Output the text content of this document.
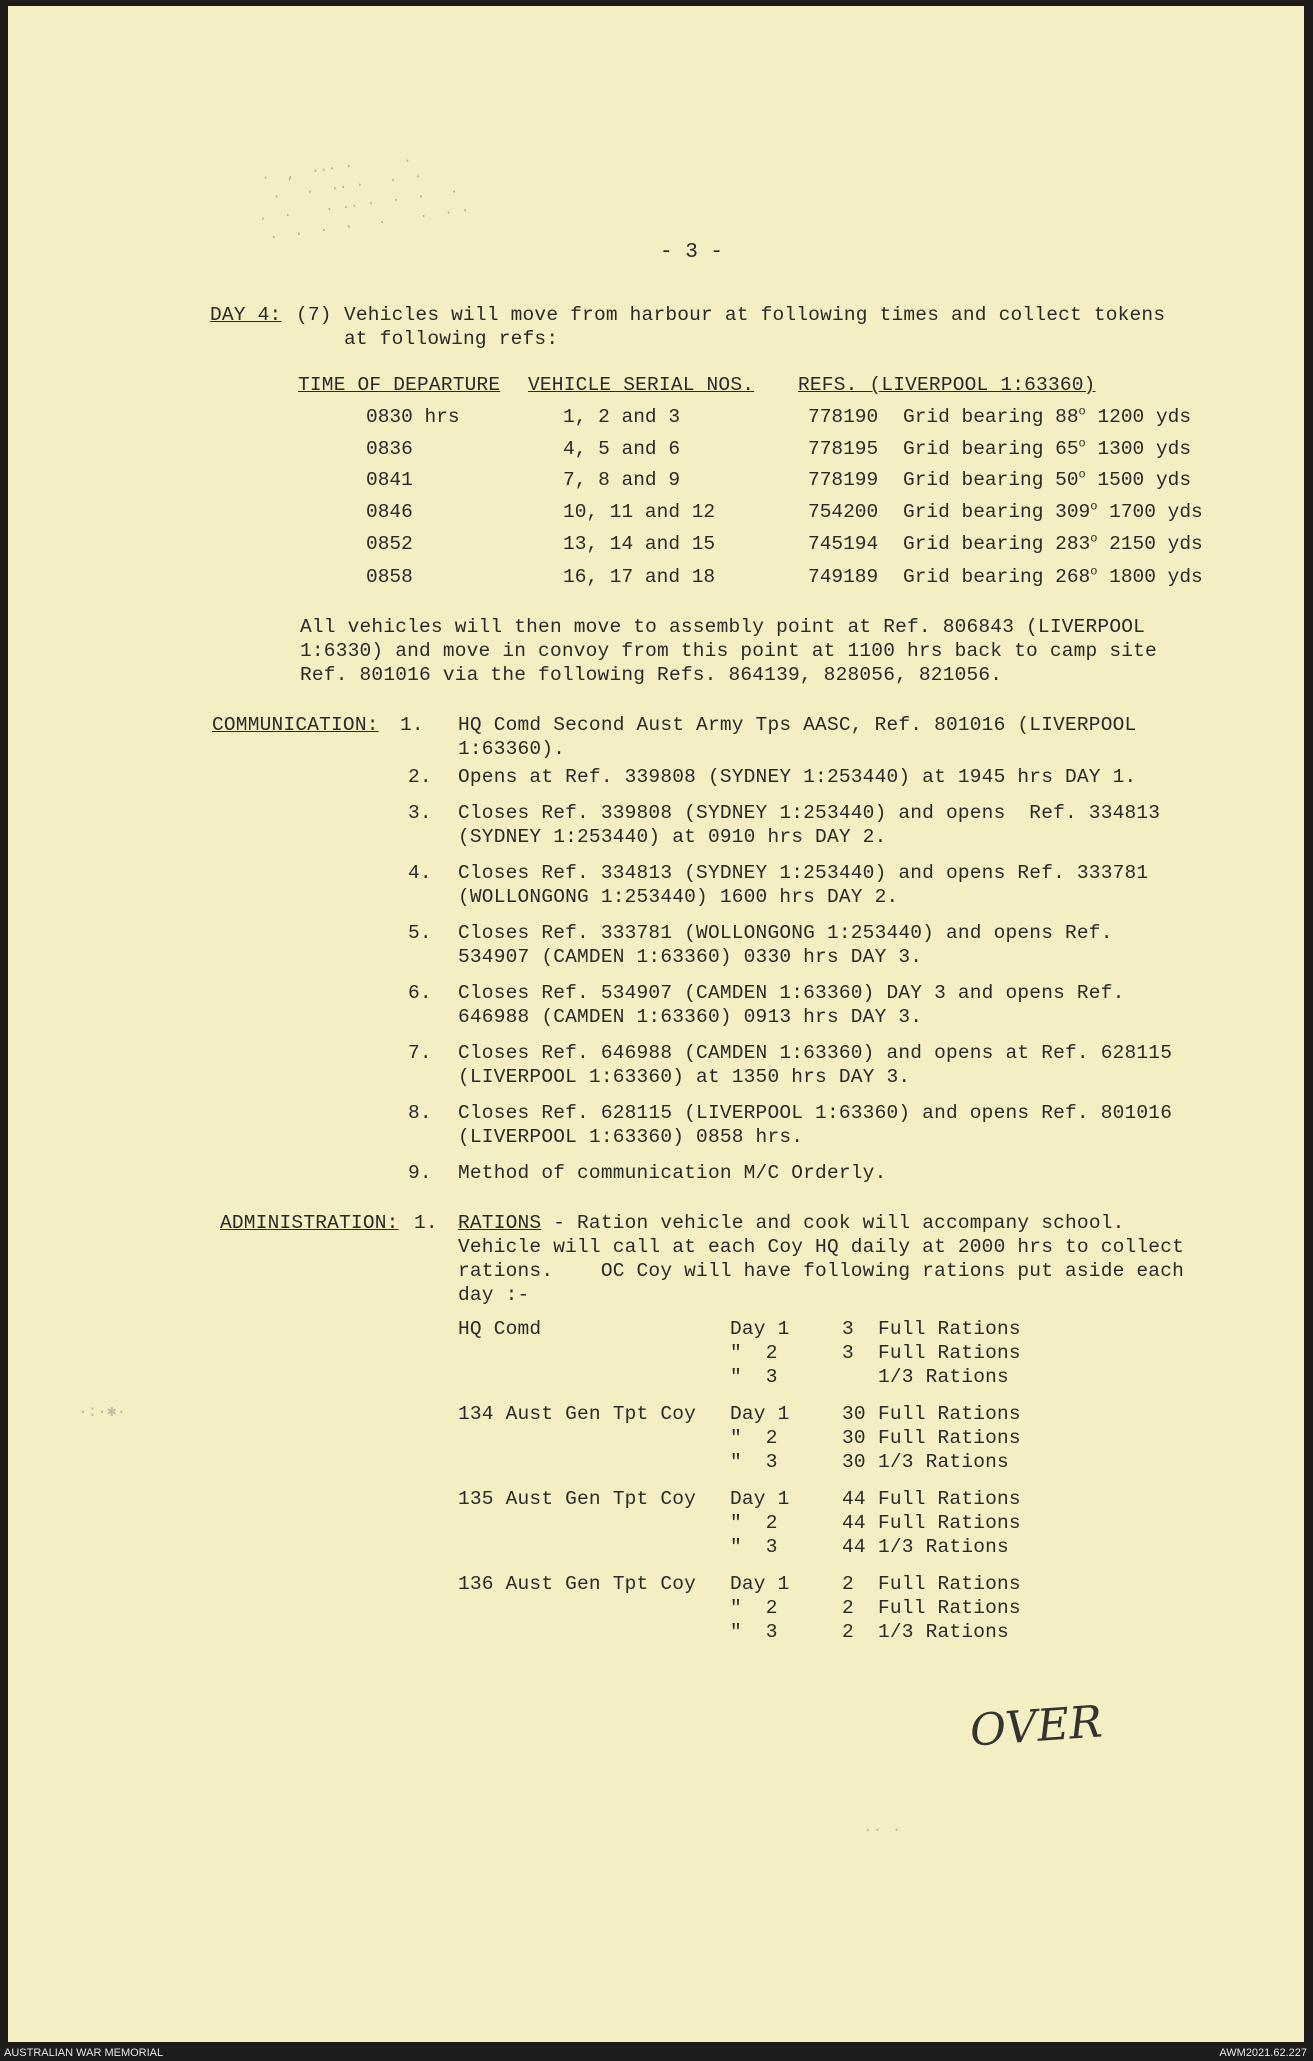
·  ,  ··· ·      .
·   ·  ·· ·   ·  ·
·  ·    · ·· ·  ·  ·   ·
·  ·  ·  ·   ·    ·  · ·
·:·✱·
·· ·
- 3 -
DAY 4: (7) Vehicles will move from harbour at following times and collect tokens
at following refs:
TIME OF DEPARTURE VEHICLE SERIAL NOS. REFS. (LIVERPOOL 1:63360)
0830 hrs	1, 2 and 3	778190 Grid bearing 88$^o$ 1200 yds
0836	4, 5 and 6	778195 Grid bearing 65$^o$ 1300 yds
0841	7, 8 and 9	778199 Grid bearing 50$^o$ 1500 yds
0846	10, 11 and 12	754200 Grid bearing 309$^o$ 1700 yds
0852	13, 14 and 15	745194 Grid bearing 283$^o$ 2150 yds
0858	16, 17 and 18	749189 Grid bearing 268$^o$ 1800 yds
All vehicles will then move to assembly point at Ref. 806843 (LIVERPOOL
1:6330) and move in convoy from this point at 1100 hrs back to camp site
Ref. 801016 via the following Refs. 864139, 828056, 821056.
COMMUNICATION: 1. HQ Comd Second Aust Army Tps AASC, Ref. 801016 (LIVERPOOL
1:63360).
2. Opens at Ref. 339808 (SYDNEY 1:253440) at 1945 hrs DAY 1.
3. Closes Ref. 339808 (SYDNEY 1:253440) and opens  Ref. 334813
(SYDNEY 1:253440) at 0910 hrs DAY 2.
4. Closes Ref. 334813 (SYDNEY 1:253440) and opens Ref. 333781
(WOLLONGONG 1:253440) 1600 hrs DAY 2.
5. Closes Ref. 333781 (WOLLONGONG 1:253440) and opens Ref.
534907 (CAMDEN 1:63360) 0330 hrs DAY 3.
6. Closes Ref. 534907 (CAMDEN 1:63360) DAY 3 and opens Ref.
646988 (CAMDEN 1:63360) 0913 hrs DAY 3.
7. Closes Ref. 646988 (CAMDEN 1:63360) and opens at Ref. 628115
(LIVERPOOL 1:63360) at 1350 hrs DAY 3.
8. Closes Ref. 628115 (LIVERPOOL 1:63360) and opens Ref. 801016
(LIVERPOOL 1:63360) 0858 hrs.
9. Method of communication M/C Orderly.
ADMINISTRATION: 1. RATIONS - Ration vehicle and cook will accompany school.
Vehicle will call at each Coy HQ daily at 2000 hrs to collect
rations.    OC Coy will have following rations put aside each
day :-
HQ Comd	Day 1	3 Full Rations
"  2	3 Full Rations
"  3	1/3 Rations
134 Aust Gen Tpt Coy Day 1	30 Full Rations
"  2	30 Full Rations
"  3	30 1/3 Rations
135 Aust Gen Tpt Coy Day 1	44 Full Rations
"  2	44 Full Rations
"  3	44 1/3 Rations
136 Aust Gen Tpt Coy Day 1	2 Full Rations
"  2	2 Full Rations
"  3	2 1/3 Rations
OVER
AUSTRALIAN WAR MEMORIAL	AWM2021.62.227
